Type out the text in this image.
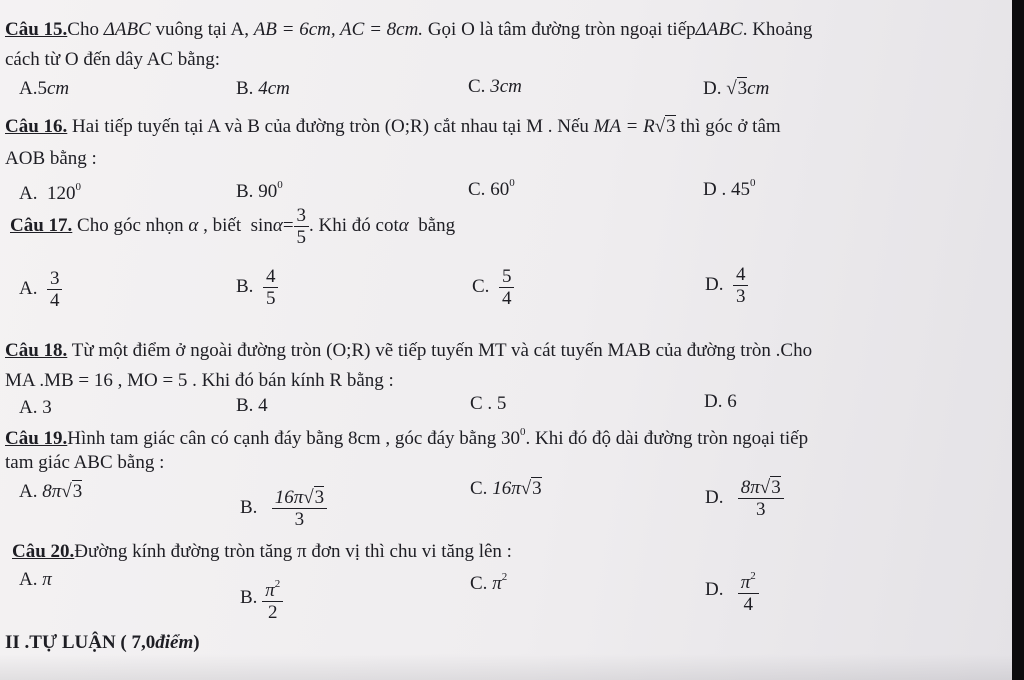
Câu 15.Cho ΔABC vuông tại A, AB = 6cm, AC = 8cm. Gọi O là tâm đường tròn ngoại tiếpΔABC. Khoảng
cách từ O đến dây AC bằng:
A.5cm	B. 4cm	C. 3cm	D. √3cm
Câu 16. Hai tiếp tuyến tại A và B của đường tròn (O;R) cắt nhau tại M . Nếu MA = R√3 thì góc ở tâm
AOB bằng :
A. $120^0$	B. $90^0$	C. $60^0$	D . $45^0$
Câu 17. Cho góc nhọn α , biết $\sin\alpha= \frac{3}{5}$ . Khi đó cotα bằng
A. $\frac{3}{4}$	B. $\frac{4}{5}$	C. $\frac{5}{4}$	D. $\frac{4}{3}$
Câu 18. Từ một điểm ở ngoài đường tròn (O;R) vẽ tiếp tuyến MT và cát tuyến MAB của đường tròn .Cho
MA .MB = 16 , MO = 5 . Khi đó bán kính R bằng :
A. 3	B. 4	C . 5	D. 6
Câu 19.Hình tam giác cân có cạnh đáy bằng 8cm , góc đáy bằng $30^0$. Khi đó độ dài đường tròn ngoại tiếp
tam giác ABC bằng :
A. 8π√3
B. $\frac{16\pi√3}{3}$	C. 16π√3	D. $\frac{8\pi√3}{3}$
Câu 20.Đường kính đường tròn tăng π đơn vị thì chu vi tăng lên :
A. π
B. $\frac{\pi^2}{2}$	C. $\pi^2$
D. $\frac{\pi^2}{4}$
II .TỰ LUẬN ( 7,0điểm)
